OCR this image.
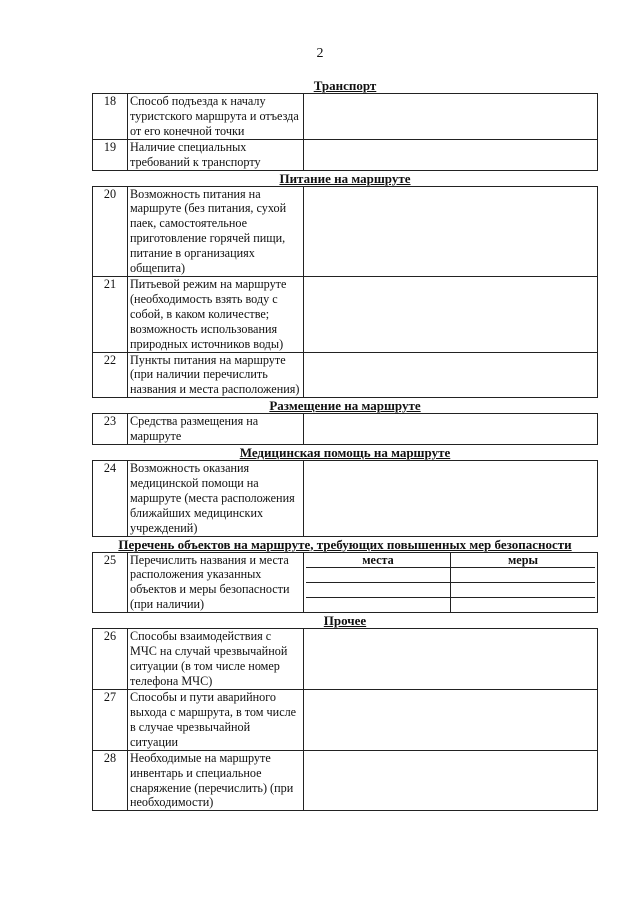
2
Транспорт
18	Способ подъезда к началу туристского маршрута и отъезда от его конечной точки	
19	Наличие специальных требований к транспорту	
Питание на маршруте
20	Возможность питания на маршруте (без питания, сухой паек, самостоятельное приготовление горячей пищи, питание в организациях общепита)	
21	Питьевой режим на маршруте (необходимость взять воду с собой, в каком количестве; возможность использования природных источников воды)	
22	Пункты питания на маршруте (при наличии перечислить названия и места расположения)	
Размещение на маршруте
23	Средства размещения на маршруте	
Медицинская помощь на маршруте
24	Возможность оказания медицинской помощи на маршруте (места расположения ближайших медицинских учреждений)	
Перечень объектов на маршруте, требующих повышенных мер безопасности
25	Перечислить названия и места расположения указанных объектов и меры безопасности (при наличии)	
места	меры

Прочее
26	Способы взаимодействия с МЧС на случай чрезвычайной ситуации (в том числе номер телефона МЧС)	
27	Способы и пути аварийного выхода с маршрута, в том числе в случае чрезвычайной ситуации	
28	Необходимые на маршруте инвентарь и специальное снаряжение (перечислить) (при необходимости)	
